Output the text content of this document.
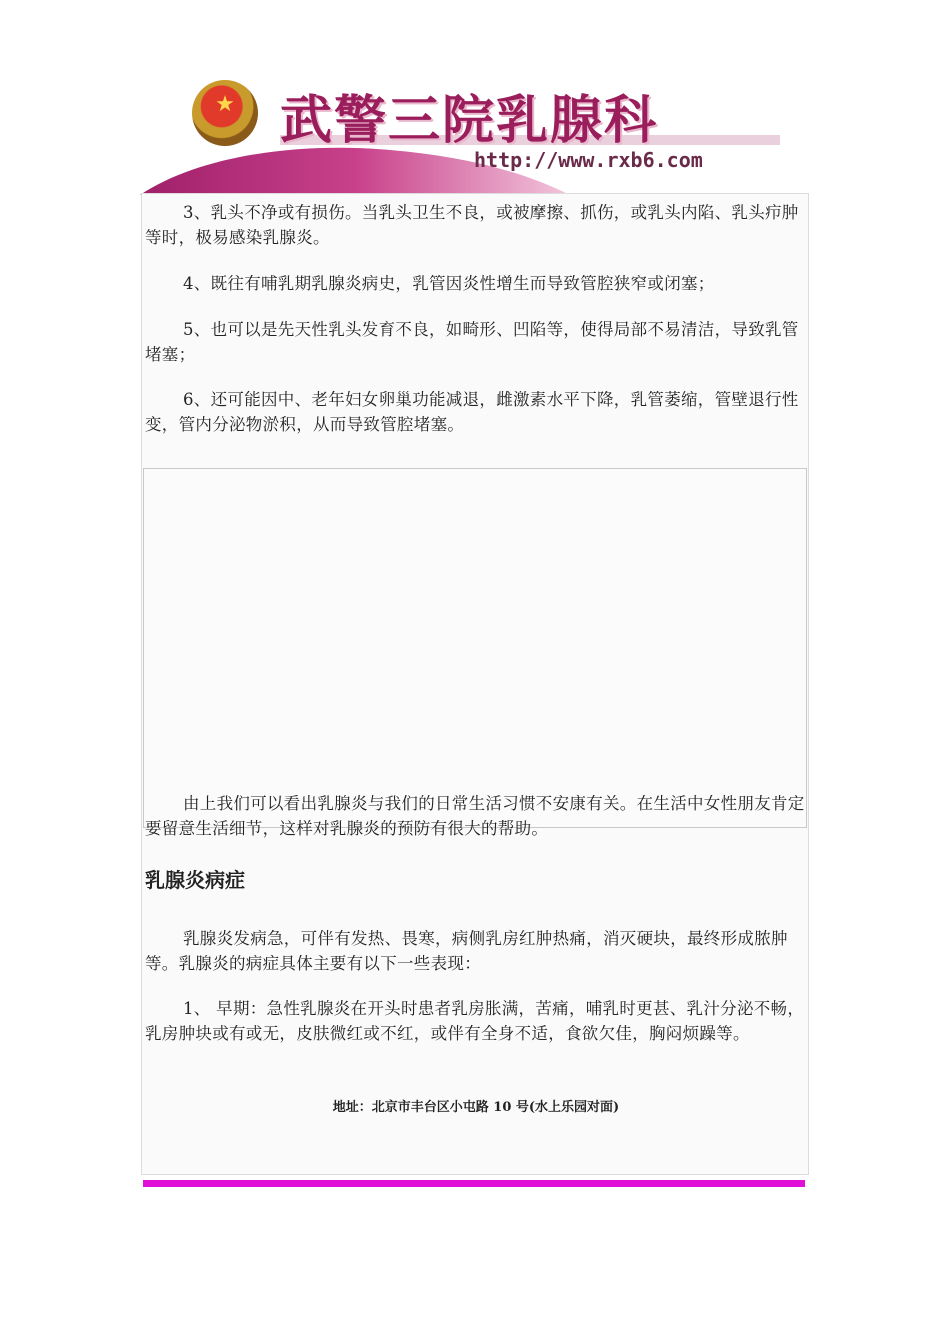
★ 武警三院乳腺科
http://www.rxb6.com

3、乳头不净或有损伤。当乳头卫生不良，或被摩擦、抓伤，或乳头内陷、乳头疖肿等时，极易感染乳腺炎。

4、既往有哺乳期乳腺炎病史，乳管因炎性增生而导致管腔狭窄或闭塞；

5、也可以是先天性乳头发育不良，如畸形、凹陷等，使得局部不易清洁，导致乳管堵塞；

6、还可能因中、老年妇女卵巢功能减退，雌激素水平下降，乳管萎缩，管壁退行性变，管内分泌物淤积，从而导致管腔堵塞。

由上我们可以看出乳腺炎与我们的日常生活习惯不安康有关。在生活中女性朋友肯定要留意生活细节，这样对乳腺炎的预防有很大的帮助。

乳腺炎病症

乳腺炎发病急，可伴有发热、畏寒，病侧乳房红肿热痛，消灭硬块，最终形成脓肿等。乳腺炎的病症具体主要有以下一些表现：

1、 早期：急性乳腺炎在开头时患者乳房胀满，苦痛，哺乳时更甚、乳汁分泌不畅，乳房肿块或有或无，皮肤微红或不红，或伴有全身不适，食欲欠佳，胸闷烦躁等。

地址：北京市丰台区小屯路 10 号(水上乐园对面)
